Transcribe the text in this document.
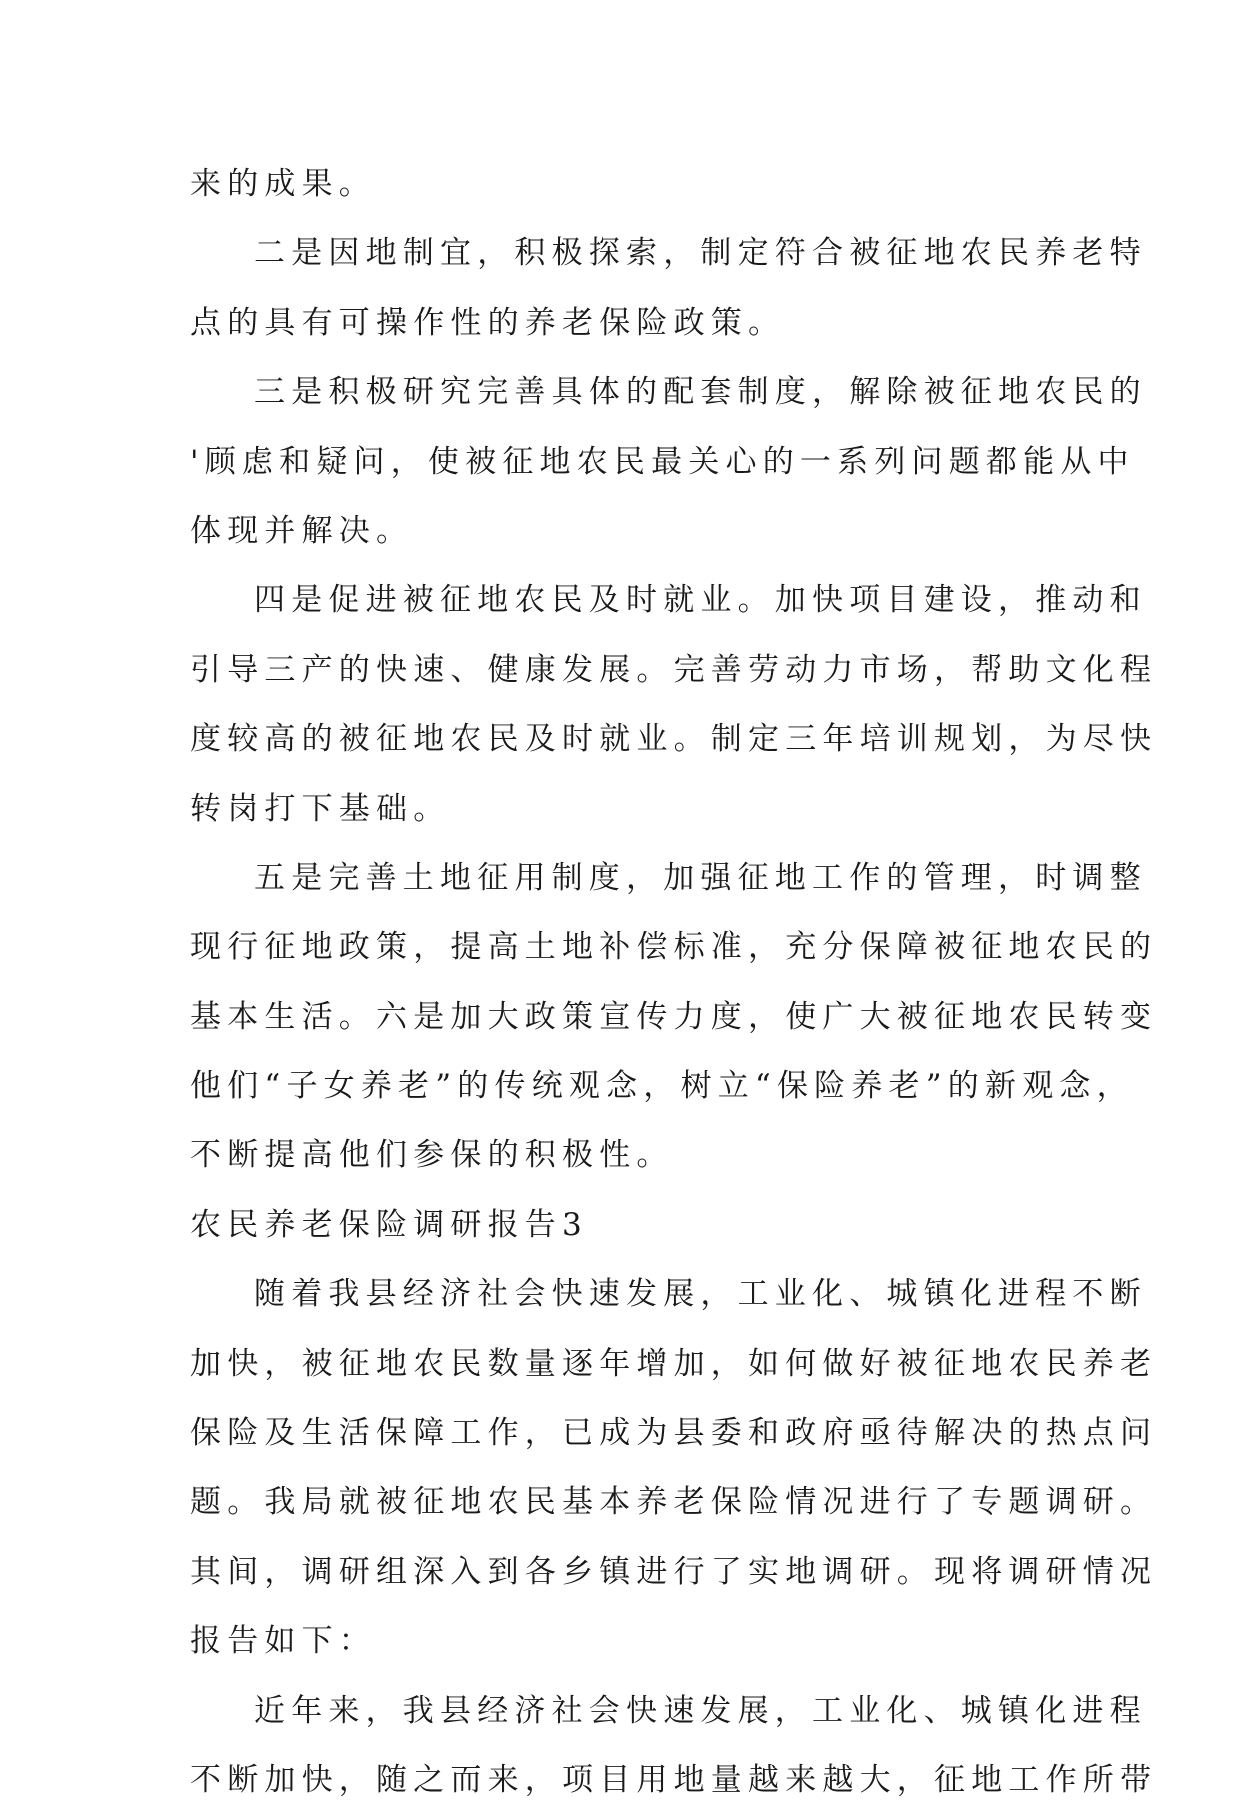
来的成果。
二是因地制宜，积极探索，制定符合被征地农民养老特
点的具有可操作性的养老保险政策。
三是积极研究完善具体的配套制度，解除被征地农民的
'顾虑和疑问，使被征地农民最关心的一系列问题都能从中
体现并解决。
四是促进被征地农民及时就业。加快项目建设，推动和
引导三产的快速、健康发展。完善劳动力市场，帮助文化程
度较高的被征地农民及时就业。制定三年培训规划，为尽快
转岗打下基础。
五是完善土地征用制度，加强征地工作的管理，时调整
现行征地政策，提高土地补偿标准，充分保障被征地农民的
基本生活。六是加大政策宣传力度，使广大被征地农民转变
他们“子女养老”的传统观念，树立“保险养老”的新观念，
不断提高他们参保的积极性。
农民养老保险调研报告3
随着我县经济社会快速发展，工业化、城镇化进程不断
加快，被征地农民数量逐年增加，如何做好被征地农民养老
保险及生活保障工作，已成为县委和政府亟待解决的热点问
题。我局就被征地农民基本养老保险情况进行了专题调研。
其间，调研组深入到各乡镇进行了实地调研。现将调研情况
报告如下：
近年来，我县经济社会快速发展，工业化、城镇化进程
不断加快，随之而来，项目用地量越来越大，征地工作所带
